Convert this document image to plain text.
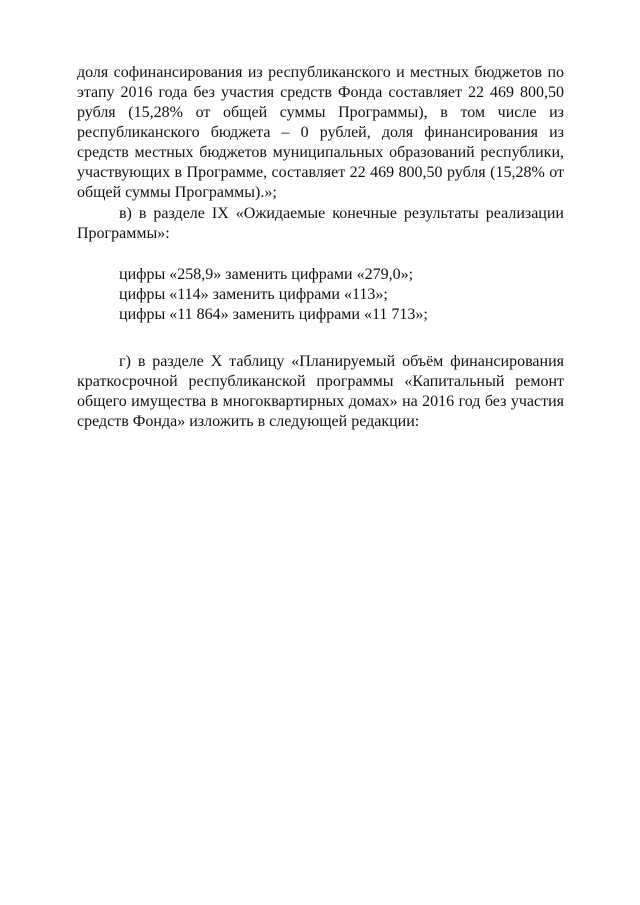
доля софинансирования из республиканского и местных бюджетов по этапу 2016 года без участия средств Фонда составляет 22 469 800,50 рубля (15,28% от общей суммы Программы), в том числе из республиканского бюджета – 0 рублей, доля финансирования из средств местных бюджетов муниципальных образований республики, участвующих в Программе, составляет 22 469 800,50 рубля (15,28% от общей суммы Программы).»;

в) в разделе IX «Ожидаемые конечные результаты реализации Программы»:

цифры «258,9» заменить цифрами «279,0»;
цифры «114» заменить цифрами «113»;
цифры «11 864» заменить цифрами «11 713»;

г) в разделе X таблицу «Планируемый объём финансирования краткосрочной республиканской программы «Капитальный ремонт общего имущества в многоквартирных домах» на 2016 год без участия средств Фонда» изложить в следующей редакции:
